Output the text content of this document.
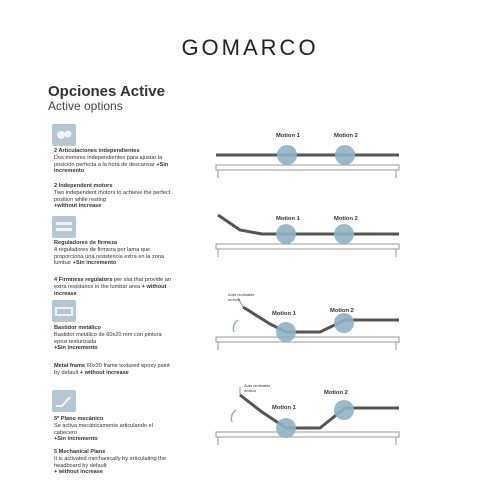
GOMARCO
Opciones Active
Active options
2 Articulaciones independientes
Dos motores independientes para ajustar la posición perfecta a la hora de descansar +Sin incremento
2 Independent motors
Two independent motors to achieve the perfect position while resting
+without increase
Reguladores de firmeza
4 reguladores de firmeza por lama que proporciona una resistencia extra en la zona lumbar +Sin incremento
4 Firmness regulators per slat that provide an extra resistance in the lumbar area + without increase
Bastidor metálico
Bastidor metálico de 60x20 mm con pintura epoxi texturizada
+Sin incremento
Metal frame 60x30 frame textured epoxy paint by default + without increase
5º Plano mecánico
Se activa mecánicamente articulando el cabecero
+Sin incremento
5 Mechanical Plane
It is activated mechanically by articulating the headboard by default
+ without increase
Motion 1	Motion 2
Motion 1	Motion 2
Auto reclinable motion
Motion 1	Motion 2
Auto reclinable motion
Motion 1
Motion 2
